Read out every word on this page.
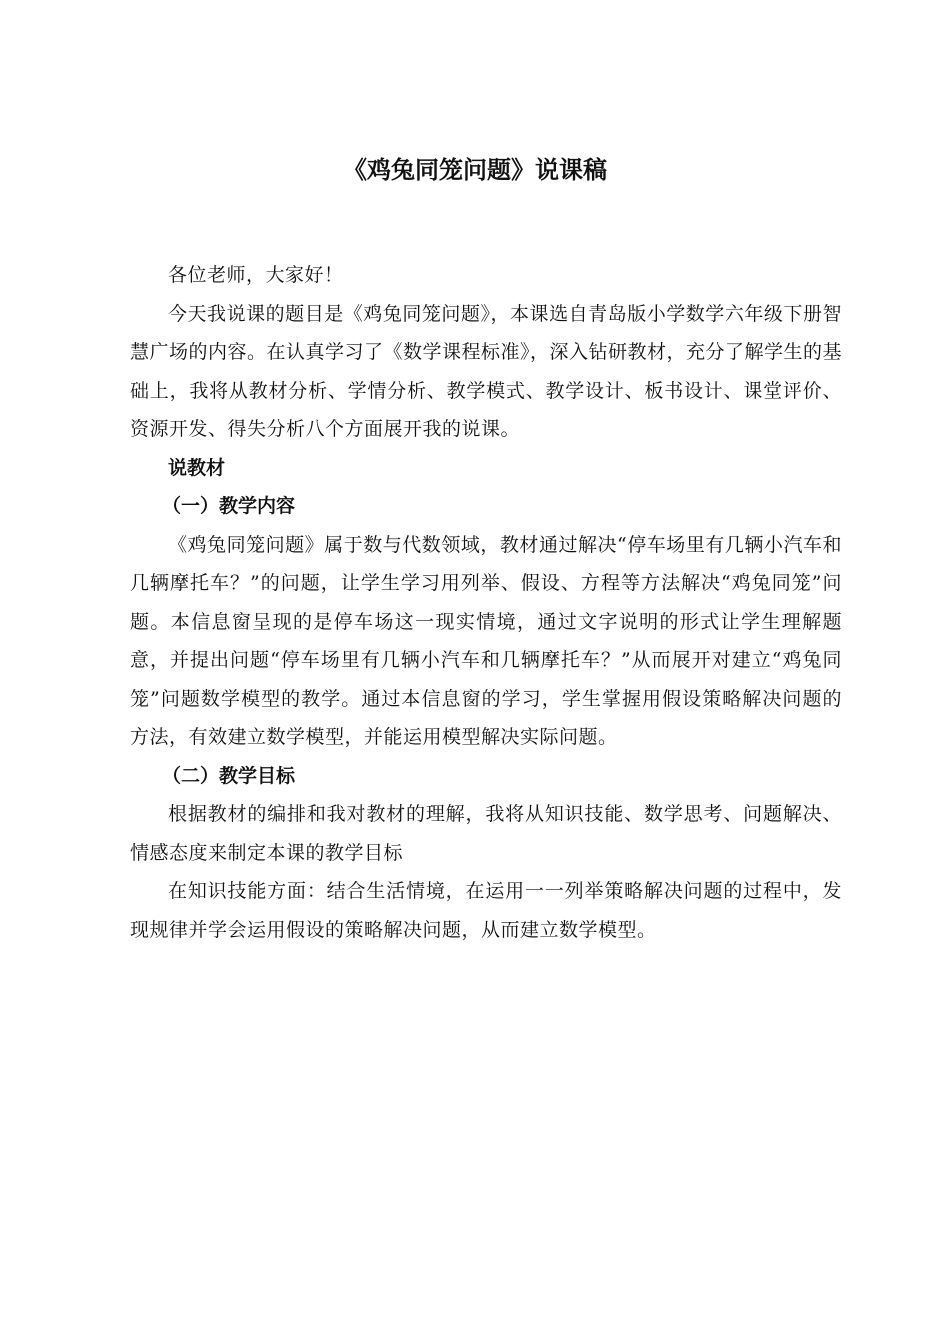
《鸡兔同笼问题》说课稿

各位老师，大家好！

今天我说课的题目是《鸡兔同笼问题》，本课选自青岛版小学数学六年级下册智慧广场的内容。在认真学习了《数学课程标准》，深入钻研教材，充分了解学生的基础上，我将从教材分析、学情分析、教学模式、教学设计、板书设计、课堂评价、资源开发、得失分析八个方面展开我的说课。

说教材

（一）教学内容

《鸡兔同笼问题》属于数与代数领域，教材通过解决“停车场里有几辆小汽车和几辆摩托车？”的问题，让学生学习用列举、假设、方程等方法解决“鸡兔同笼”问题。本信息窗呈现的是停车场这一现实情境，通过文字说明的形式让学生理解题意，并提出问题“停车场里有几辆小汽车和几辆摩托车？”从而展开对建立“鸡兔同笼”问题数学模型的教学。通过本信息窗的学习，学生掌握用假设策略解决问题的方法，有效建立数学模型，并能运用模型解决实际问题。

（二）教学目标

根据教材的编排和我对教材的理解，我将从知识技能、数学思考、问题解决、情感态度来制定本课的教学目标

在知识技能方面：结合生活情境，在运用一一列举策略解决问题的过程中，发现规律并学会运用假设的策略解决问题，从而建立数学模型。
